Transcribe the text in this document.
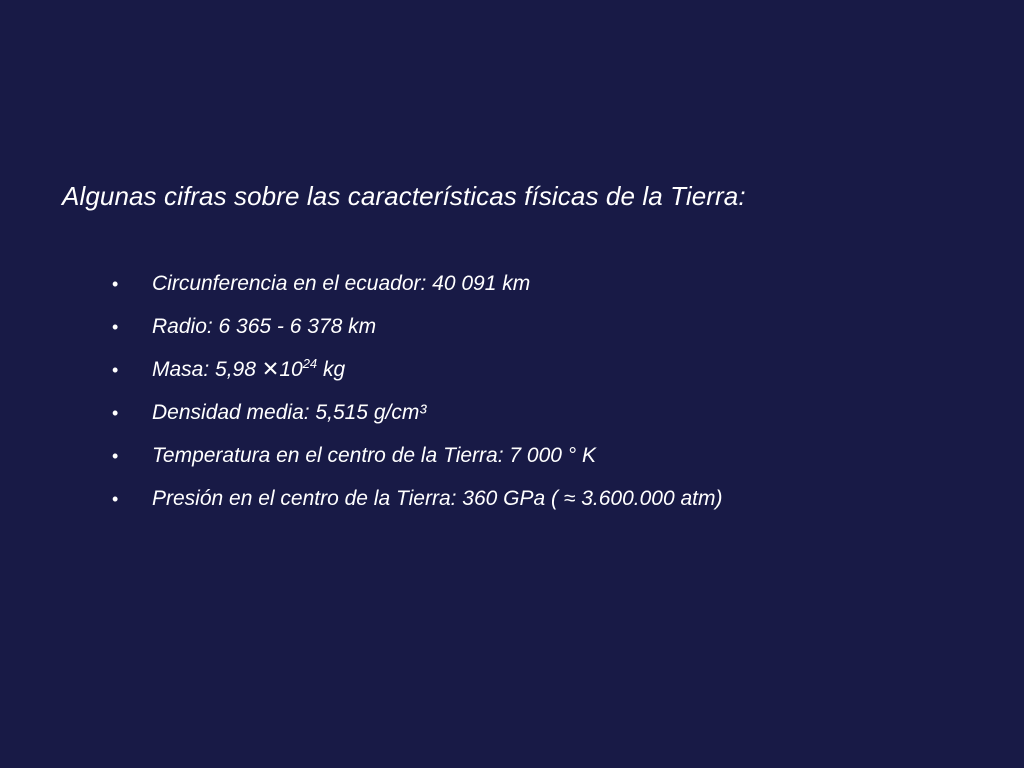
Algunas cifras sobre las características físicas de la Tierra:
• Circunferencia en el ecuador: 40 091 km
• Radio: 6 365 - 6 378 km
• Masa: 5,98 $✕10^{24}$ kg
• Densidad media: 5,515 g/cm³
• Temperatura en el centro de la Tierra: 7 000 ° K
• Presión en el centro de la Tierra: 360 GPa ( ≈ 3.600.000 atm)
